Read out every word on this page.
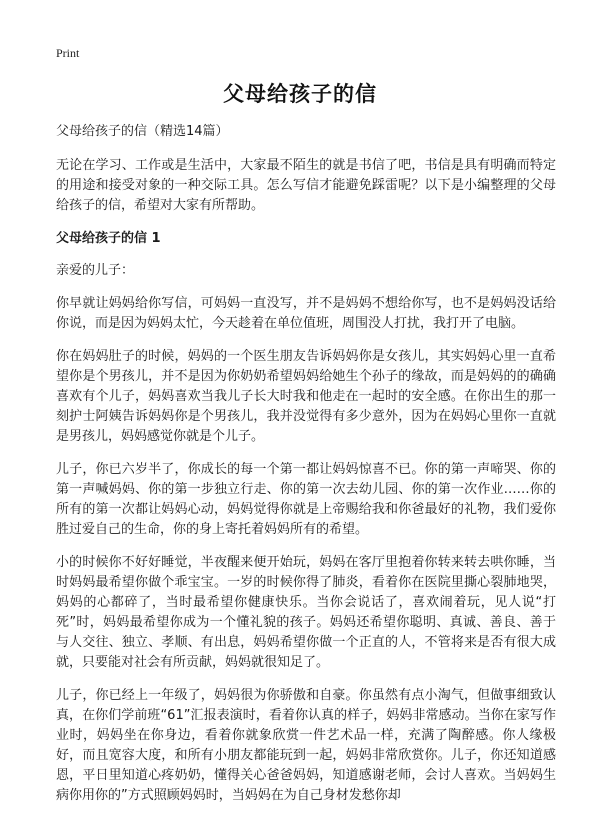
Print
父母给孩子的信

父母给孩子的信（精选14篇）

无论在学习、工作或是生活中，大家最不陌生的就是书信了吧，书信是具有明确而特定的用途和接受对象的一种交际工具。怎么写信才能避免踩雷呢？以下是小编整理的父母给孩子的信，希望对大家有所帮助。

父母给孩子的信 1

亲爱的儿子：

你早就让妈妈给你写信，可妈妈一直没写，并不是妈妈不想给你写，也不是妈妈没话给你说，而是因为妈妈太忙，今天趁着在单位值班，周围没人打扰，我打开了电脑。

你在妈妈肚子的时候，妈妈的一个医生朋友告诉妈妈你是女孩儿，其实妈妈心里一直希望你是个男孩儿，并不是因为你奶奶希望妈妈给她生个孙子的缘故，而是妈妈的的确确喜欢有个儿子，妈妈喜欢当我儿子长大时我和他走在一起时的安全感。在你出生的那一刻护士阿姨告诉妈妈你是个男孩儿，我并没觉得有多少意外，因为在妈妈心里你一直就是男孩儿，妈妈感觉你就是个儿子。

儿子，你已六岁半了，你成长的每一个第一都让妈妈惊喜不已。你的第一声啼哭、你的第一声喊妈妈、你的第一步独立行走、你的第一次去幼儿园、你的第一次作业……你的所有的第一次都让妈妈心动，妈妈觉得你就是上帝赐给我和你爸最好的礼物，我们爱你胜过爱自己的生命，你的身上寄托着妈妈所有的希望。

小的时候你不好好睡觉，半夜醒来便开始玩，妈妈在客厅里抱着你转来转去哄你睡，当时妈妈最希望你做个乖宝宝。一岁的时候你得了肺炎，看着你在医院里撕心裂肺地哭，妈妈的心都碎了，当时最希望你健康快乐。当你会说话了，喜欢闹着玩，见人说“打死”时，妈妈最希望你成为一个懂礼貌的孩子。妈妈还希望你聪明、真诚、善良、善于与人交往、独立、孝顺、有出息，妈妈希望你做一个正直的人，不管将来是否有很大成就，只要能对社会有所贡献，妈妈就很知足了。

儿子，你已经上一年级了，妈妈很为你骄傲和自豪。你虽然有点小淘气，但做事细致认真，在你们学前班“61”汇报表演时，看着你认真的样子，妈妈非常感动。当你在家写作业时，妈妈坐在你身边，看着你就象欣赏一件艺术品一样，充满了陶醉感。你人缘极好，而且宽容大度，和所有小朋友都能玩到一起，妈妈非常欣赏你。儿子，你还知道感恩，平日里知道心疼奶奶，懂得关心爸爸妈妈，知道感谢老师，会讨人喜欢。当妈妈生病你用你的”方式照顾妈妈时，当妈妈在为自己身材发愁你却
